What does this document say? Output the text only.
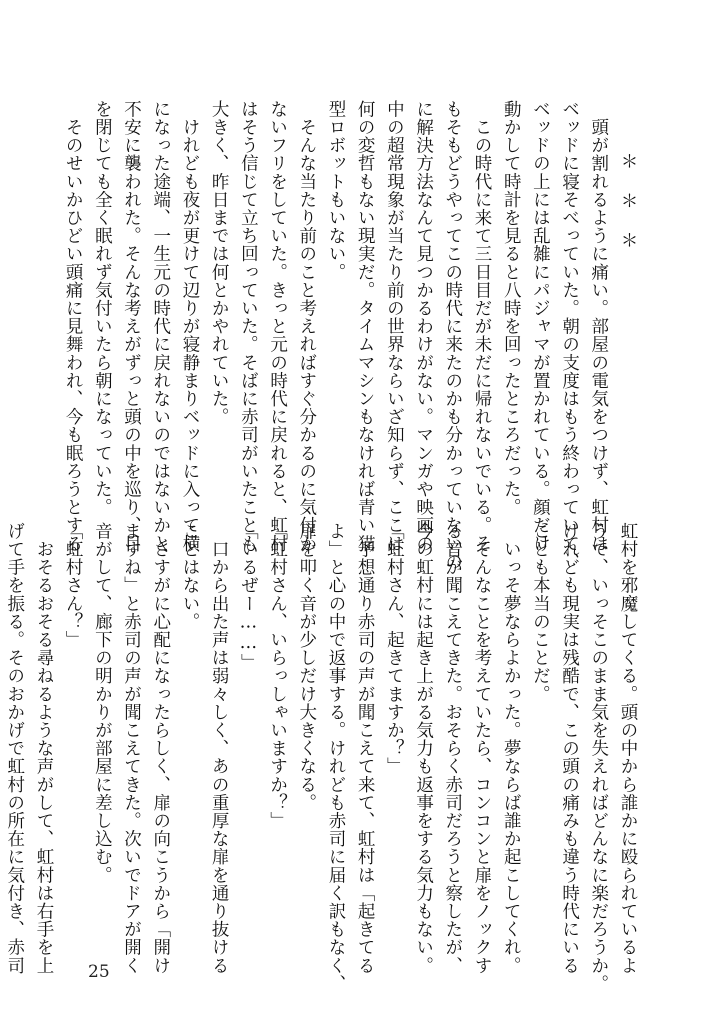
＊＊＊
　頭が割れるように痛い。部屋の電気をつけず、虹村は
ベッドに寝そべっていた。朝の支度はもう終わっていて、
ベッドの上には乱雑にパジャマが置かれている。顔だけ
動かして時計を見ると八時を回ったところだった。
　この時代に来て三日目だが未だに帰れないでいる。そ
もそもどうやってこの時代に来たのかも分かっていないの
に解決方法なんて見つかるわけがない。マンガや映画の
中の超常現象が当たり前の世界ならいざ知らず、ここは
何の変哲もない現実だ。タイムマシンもなければ青い猫
型ロボットもいない。
　そんな当たり前のこと考えればすぐ分かるのに気付か
ないフリをしていた。きっと元の時代に戻れると、虹村
はそう信じて立ち回っていた。そばに赤司がいたことも
大きく、昨日までは何とかやれていた。
　けれども夜が更けて辺りが寝静まりベッドに入って横
になった途端、一生元の時代に戻れないのではないかと
不安に襲われた。そんな考えがずっと頭の中を巡り、目
を閉じても全く眠れず気付いたら朝になっていた。
　そのせいかひどい頭痛に見舞われ、今も眠ろうとする
虹村を邪魔してくる。頭の中から誰かに殴られているよ
うで、いっそこのまま気を失えればどんなに楽だろうか。
けれども現実は残酷で、この頭の痛みも違う時代にいる
ことも本当のことだ。
　いっそ夢ならよかった。夢ならば誰か起こしてくれ。
　そんなことを考えていたら、コンコンと扉をノックす
る音が聞こえてきた。おそらく赤司だろうと察したが、
今の虹村には起き上がる気力も返事をする気力もない。
「虹村さん、起きてますか？」
　予想通り赤司の声が聞こえて来て、虹村は「起きてる
よ」と心の中で返事する。けれども赤司に届く訳もなく、
扉を叩く音が少しだけ大きくなる。
「虹村さん、いらっしゃいますか？」
「いるぜー……」
　口から出た声は弱々しく、あの重厚な扉を通り抜ける
ことはない。
　さすがに心配になったらしく、扉の向こうから「開け
ますね」と赤司の声が聞こえてきた。次いでドアが開く
音がして、廊下の明かりが部屋に差し込む。
「虹村さん？」
　おそるおそる尋ねるような声がして、虹村は右手を上
げて手を振る。そのおかげで虹村の所在に気付き、赤司	25
